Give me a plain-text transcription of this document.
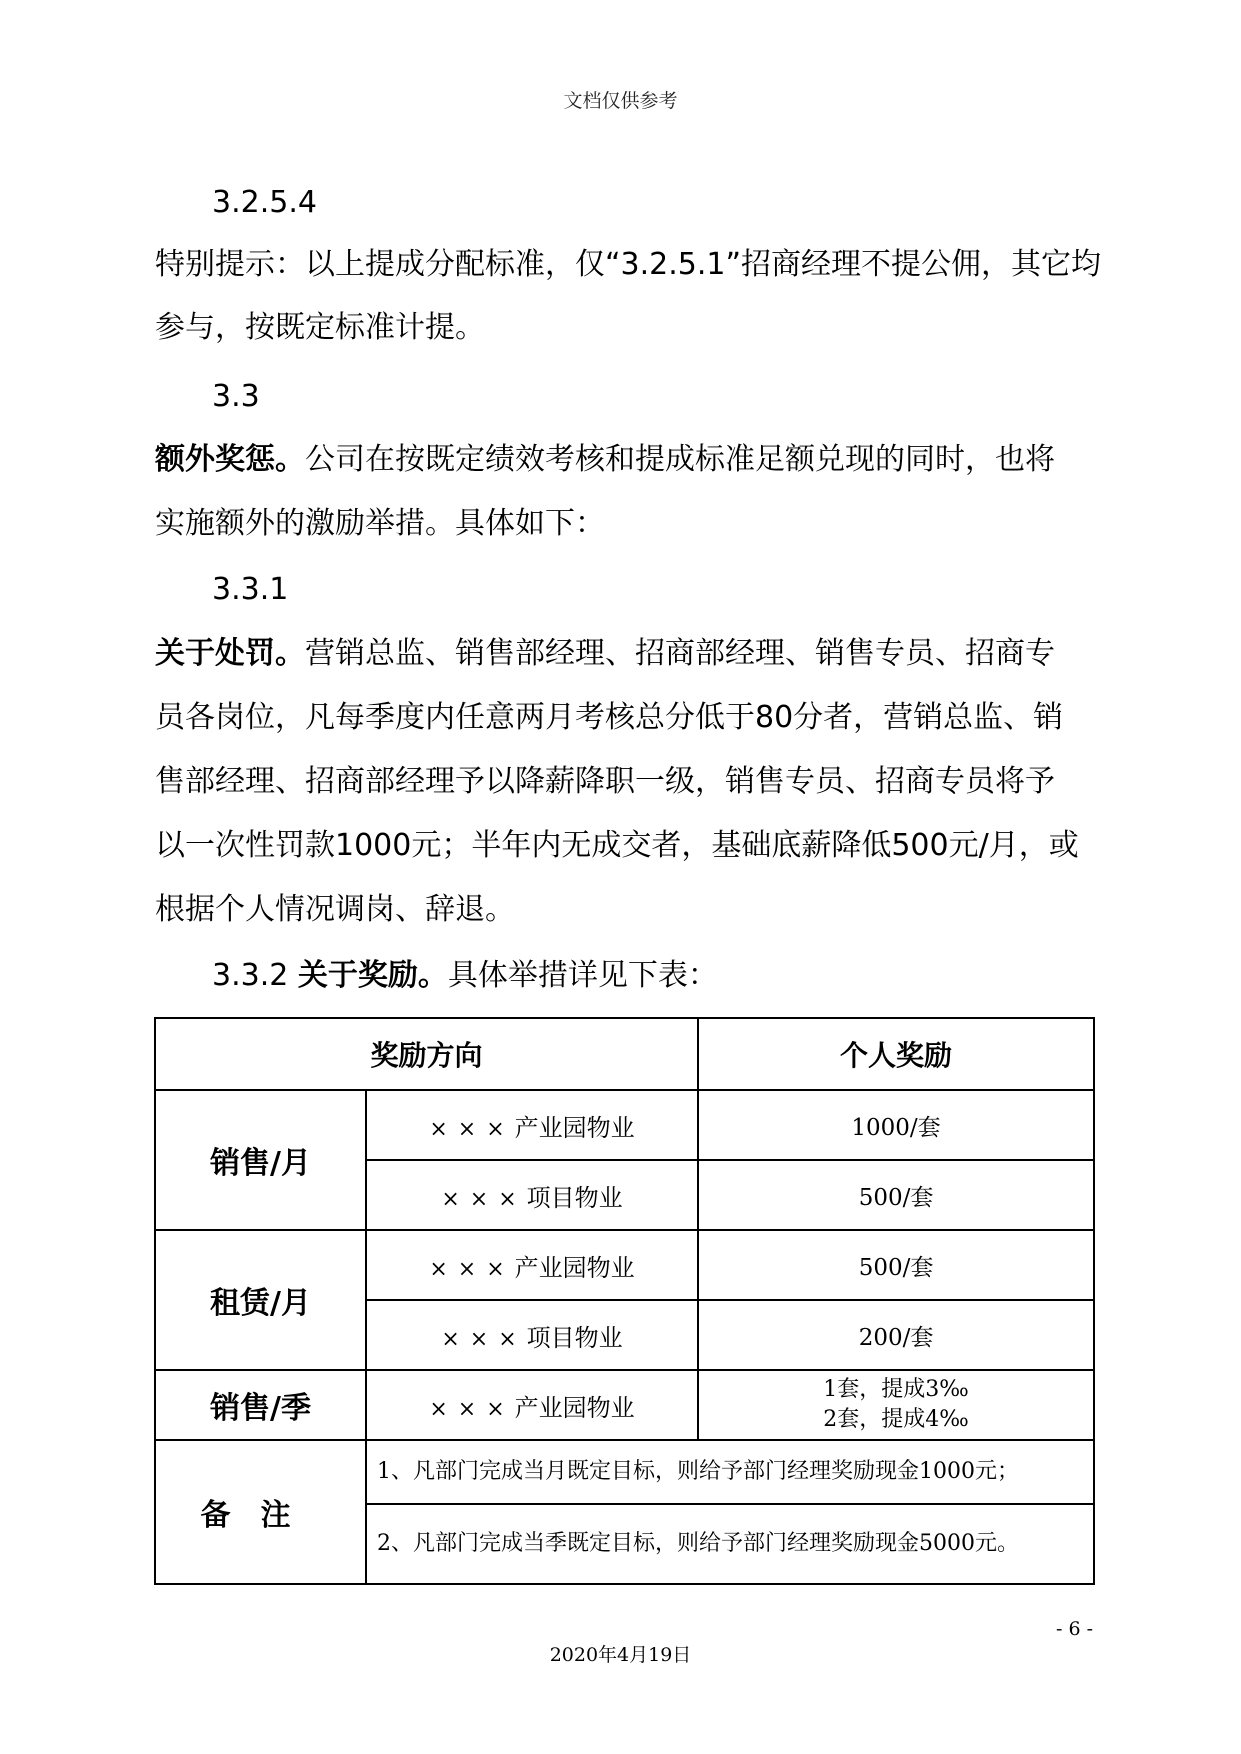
文档仅供参考
3.2.5.4
特别提示：以上提成分配标准，仅“3.2.5.1”招商经理不提公佣，其它均
参与，按既定标准计提。
3.3
额外奖惩。公司在按既定绩效考核和提成标准足额兑现的同时，也将
实施额外的激励举措。具体如下：
3.3.1
关于处罚。营销总监、销售部经理、招商部经理、销售专员、招商专
员各岗位，凡每季度内任意两月考核总分低于80分者，营销总监、销
售部经理、招商部经理予以降薪降职一级，销售专员、招商专员将予
以一次性罚款1000元；半年内无成交者，基础底薪降低500元/月，或
根据个人情况调岗、辞退。
3.3.2 关于奖励。具体举措详见下表：
奖励方向		个人奖励
销售/月	×××产业园物业	1000/套
	×××项目物业	500/套
租赁/月	×××产业园物业	500/套
	×××项目物业	200/套
销售/季	×××产业园物业	1套，提成3‰
2套，提成4‰

备注	1、凡部门完成当月既定目标，则给予部门经理奖励现金1000元；	
	2、凡部门完成当季既定目标，则给予部门经理奖励现金5000元。	
- 6 -
2020年4月19日
